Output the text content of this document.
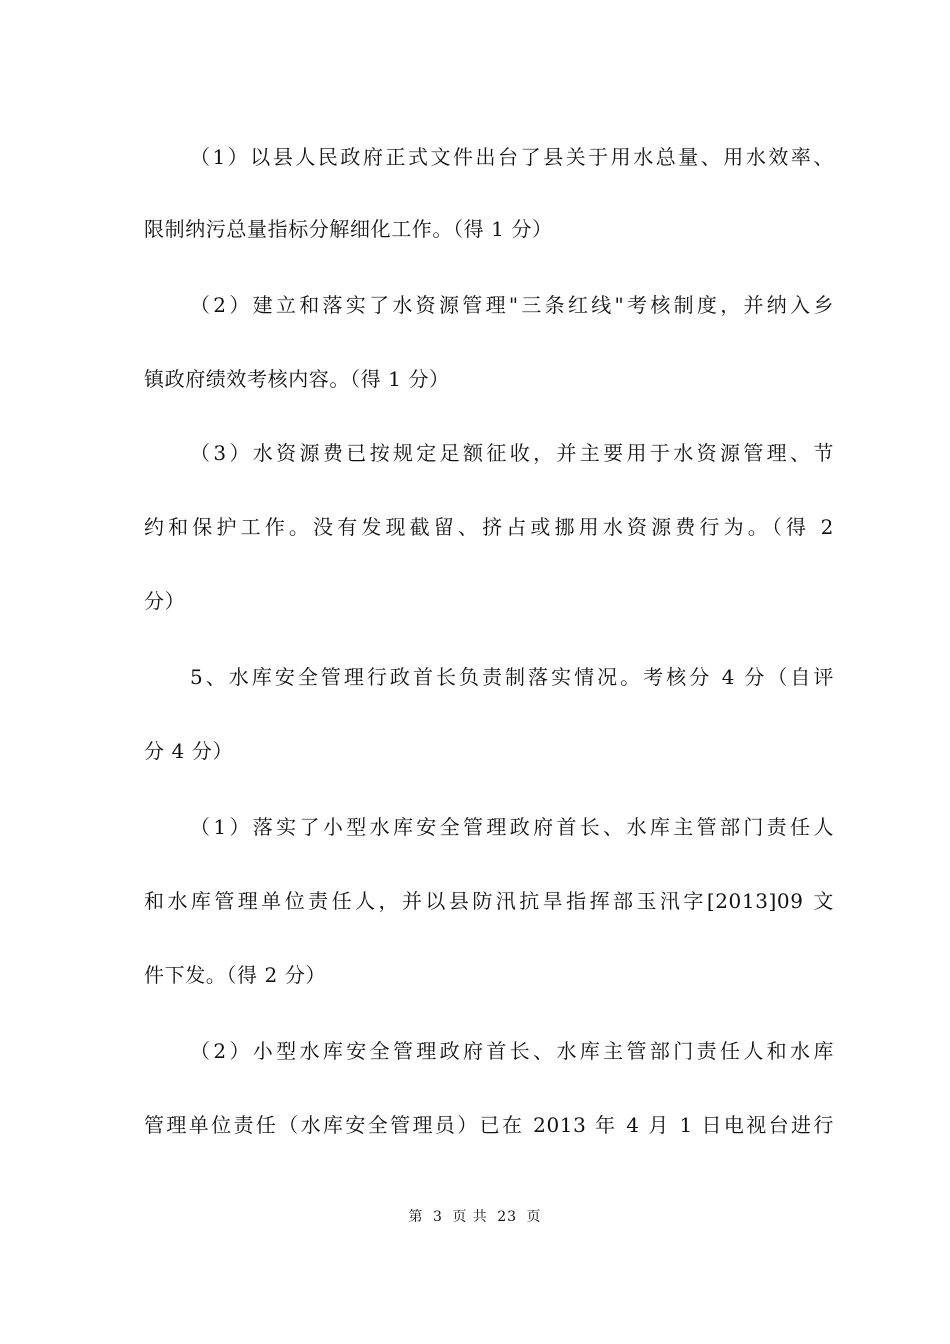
（1）以县人民政府正式文件出台了县关于用水总量、用水效率、
限制纳污总量指标分解细化工作。（得 1 分）
（2）建立和落实了水资源管理"三条红线"考核制度，并纳入乡
镇政府绩效考核内容。（得 1 分）
（3）水资源费已按规定足额征收，并主要用于水资源管理、节
约和保护工作。没有发现截留、挤占或挪用水资源费行为。（得 2
分）
5、水库安全管理行政首长负责制落实情况。考核分 4 分（自评
分 4 分）
（1）落实了小型水库安全管理政府首长、水库主管部门责任人
和水库管理单位责任人，并以县防汛抗旱指挥部玉汛字[2013]09 文
件下发。（得 2 分）
（2）小型水库安全管理政府首长、水库主管部门责任人和水库
管理单位责任（水库安全管理员）已在 2013 年 4 月 1 日电视台进行
第 3 页 共 23 页
